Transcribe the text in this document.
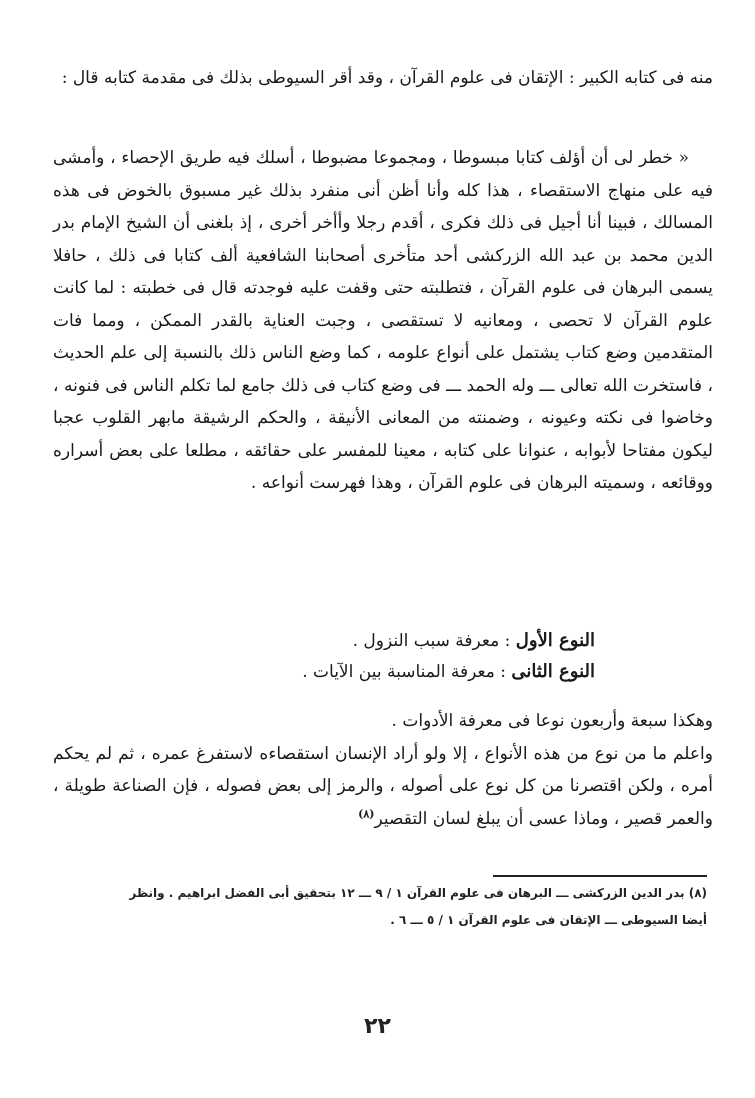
منه فى كتابه الكبير : الإتقان فى علوم القرآن ، وقد أقر السيوطى بذلك فى مقدمة كتابه قال :

« خطر لى أن أؤلف كتابا مبسوطا ، ومجموعا مضبوطا ، أسلك فيه طريق الإحصاء ، وأمشى فيه على منهاج الاستقصاء ، هذا كله وأنا أظن أنى منفرد بذلك غير مسبوق بالخوض فى هذه المسالك ، فبينا أنا أجيل فى ذلك فكرى ، أقدم رجلا وأأخر أخرى ، إذ بلغنى أن الشيخ الإمام بدر الدين محمد بن عبد الله الزركشى أحد متأخرى أصحابنا الشافعية ألف كتابا فى ذلك ، حافلا يسمى البرهان فى علوم القرآن ، فتطلبته حتى وقفت عليه فوجدته قال فى خطبته : لما كانت علوم القرآن لا تحصى ، ومعانيه لا تستقصى ، وجبت العناية بالقدر الممكن ، ومما فات المتقدمين وضع كتاب يشتمل على أنواع علومه ، كما وضع الناس ذلك بالنسبة إلى علم الحديث ، فاستخرت الله تعالى ـــ وله الحمد ـــ فى وضع كتاب فى ذلك جامع لما تكلم الناس فى فنونه ، وخاضوا فى نكته وعيونه ، وضمنته من المعانى الأنيقة ، والحكم الرشيقة مابهر القلوب عجبا ليكون مفتاحا لأبوابه ، عنوانا على كتابه ، معينا للمفسر على حقائقه ، مطلعا على بعض أسراره ووقائعه ، وسميته البرهان فى علوم القرآن ، وهذا فهرست أنواعه .

النوع الأول : معرفة سبب النزول .

النوع الثانى : معرفة المناسبة بين الآيات .

وهكذا سبعة وأربعون نوعا فى معرفة الأدوات .

واعلم ما من نوع من هذه الأنواع ، إلا ولو أراد الإنسان استقصاءه لاستفرغ عمره ، ثم لم يحكم أمره ، ولكن اقتصرنا من كل نوع على أصوله ، والرمز إلى بعض فصوله ، فإن الصناعة طويلة ، والعمر قصير ، وماذا عسى أن يبلغ لسان التقصير$^{(٨)}$

(٨) بدر الدين الزركشى ـــ البرهان فى علوم القرآن ١ / ٩ ـــ ١٢ بتحقيق أبى الفضل ابراهيم . وانظر

أيضا السيوطى ـــ الإتقان فى علوم القرآن ١ / ٥ ـــ ٦ .

٢٢
